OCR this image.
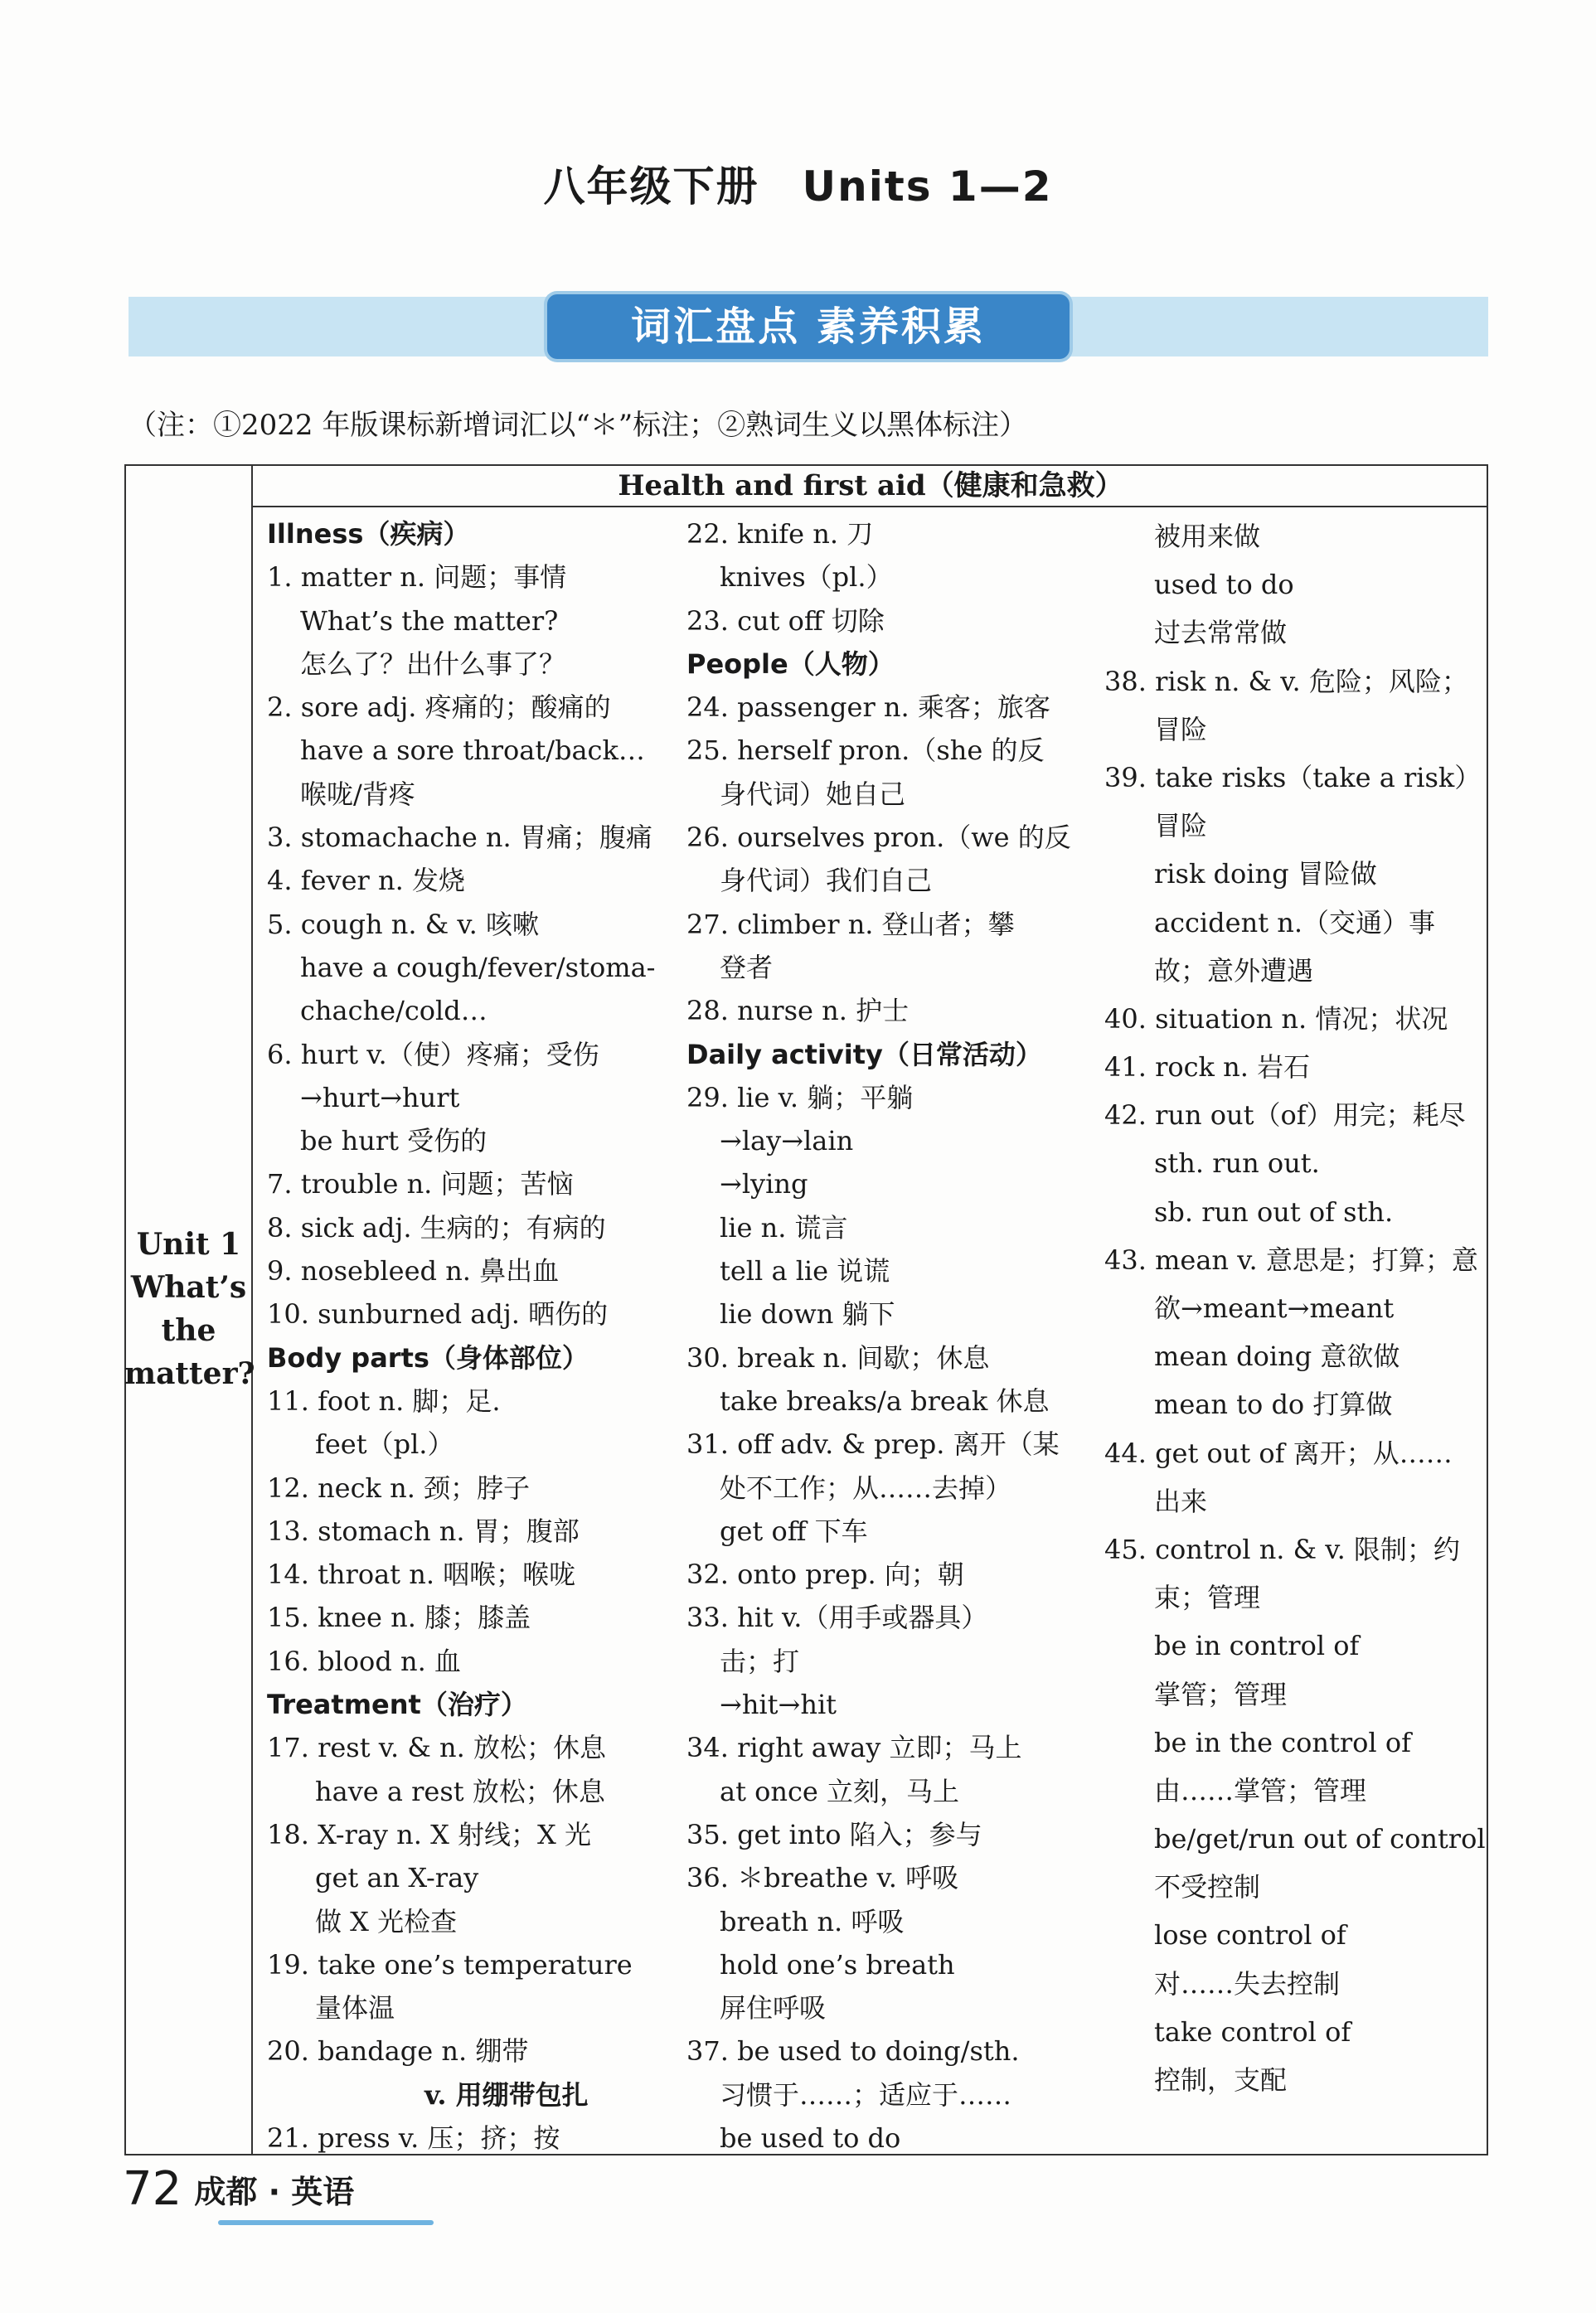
八年级下册　Units 1—2
词汇盘点 素养积累
（注：①2022 年版课标新增词汇以“＊”标注；②熟词生义以黑体标注）
Unit 1
What’s
the
matter?
Health and first aid（健康和急救）
Illness（疾病）
1. matter n. 问题；事情
What’s the matter?
怎么了？出什么事了？
2. sore adj. 疼痛的；酸痛的
have a sore throat/back…
喉咙/背疼
3. stomachache n. 胃痛；腹痛
4. fever n. 发烧
5. cough n. & v. 咳嗽
have a cough/fever/stoma-
chache/cold…
6. hurt v.（使）疼痛；受伤
→hurt→hurt
be hurt 受伤的
7. trouble n. 问题；苦恼
8. sick adj. 生病的；有病的
9. nosebleed n. 鼻出血
10. sunburned adj. 晒伤的
Body parts（身体部位）
11. foot n. 脚；足.
feet（pl.）
12. neck n. 颈；脖子
13. stomach n. 胃；腹部
14. throat n. 咽喉；喉咙
15. knee n. 膝；膝盖
16. blood n. 血
Treatment（治疗）
17. rest v. & n. 放松；休息
have a rest 放松；休息
18. X-ray n. X 射线；X 光
get an X-ray
做 X 光检查
19. take one’s temperature
量体温
20. bandage n. 绷带
v. 用绷带包扎
21. press v. 压；挤；按
22. knife n. 刀
knives（pl.）
23. cut off 切除
People（人物）
24. passenger n. 乘客；旅客
25. herself pron.（she 的反
身代词）她自己
26. ourselves pron.（we 的反
身代词）我们自己
27. climber n. 登山者；攀
登者
28. nurse n. 护士
Daily activity（日常活动）
29. lie v. 躺；平躺
→lay→lain
→lying
lie n. 谎言
tell a lie 说谎
lie down 躺下
30. break n. 间歇；休息
take breaks/a break 休息
31. off adv. & prep. 离开（某
处不工作；从……去掉）
get off 下车
32. onto prep. 向；朝
33. hit v.（用手或器具）
击；打
→hit→hit
34. right away 立即；马上
at once 立刻，马上
35. get into 陷入；参与
36. ＊breathe v. 呼吸
breath n. 呼吸
hold one’s breath
屏住呼吸
37. be used to doing/sth.
习惯于……；适应于……
be used to do
被用来做
used to do
过去常常做
38. risk n. & v. 危险；风险；
冒险
39. take risks（take a risk）
冒险
risk doing 冒险做
accident n.（交通）事
故；意外遭遇
40. situation n. 情况；状况
41. rock n. 岩石
42. run out（of）用完；耗尽
sth. run out.
sb. run out of sth.
43. mean v. 意思是；打算；意
欲→meant→meant
mean doing 意欲做
mean to do 打算做
44. get out of 离开；从……
出来
45. control n. & v. 限制；约
束；管理
be in control of
掌管；管理
be in the control of
由……掌管；管理
be/get/run out of control
不受控制
lose control of
对……失去控制
take control of
控制，支配
72 成都 · 英语
